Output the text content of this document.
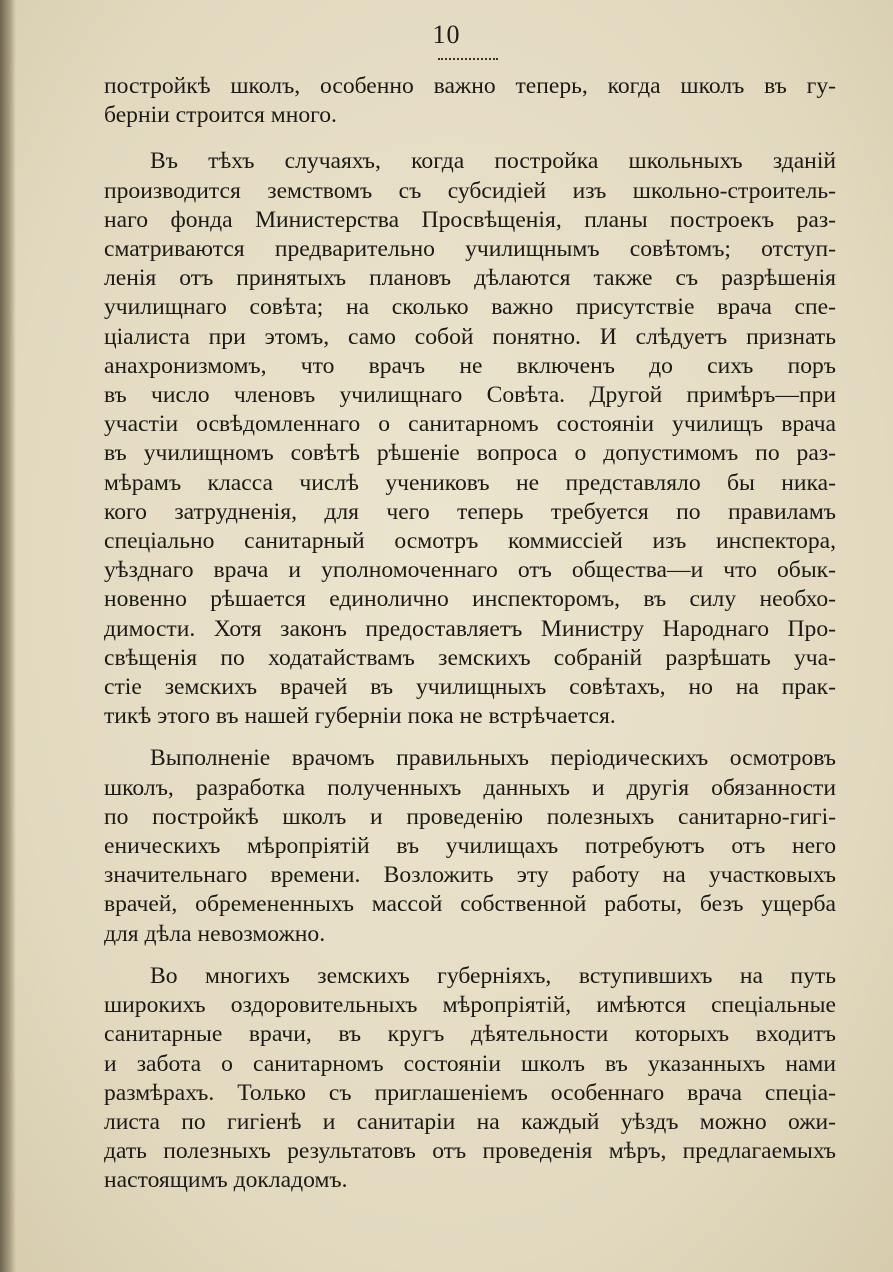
10
постройкѣ школъ, особенно важно теперь, когда школъ въ гу-
берніи строится много.
Въ тѣхъ случаяхъ, когда постройка школьныхъ зданій
производится земствомъ съ субсидіей изъ школьно-строитель-
наго фонда Министерства Просвѣщенія, планы построекъ раз-
сматриваются предварительно училищнымъ совѣтомъ; отступ-
ленія отъ принятыхъ плановъ дѣлаются также съ разрѣшенія
училищнаго совѣта; на сколько важно присутствіе врача спе-
ціалиста при этомъ, само собой понятно. И слѣдуетъ признать
анахронизмомъ, что врачъ не включенъ до сихъ поръ
въ число членовъ училищнаго Совѣта. Другой примѣръ—при
участіи освѣдомленнаго о санитарномъ состояніи училищъ врача
въ училищномъ совѣтѣ рѣшеніе вопроса о допустимомъ по раз-
мѣрамъ класса числѣ учениковъ не представляло бы ника-
кого затрудненія, для чего теперь требуется по правиламъ
спеціально санитарный осмотръ коммиссіей изъ инспектора,
уѣзднаго врача и уполномоченнаго отъ общества—и что обык-
новенно рѣшается единолично инспекторомъ, въ силу необхо-
димости. Хотя законъ предоставляетъ Министру Народнаго Про-
свѣщенія по ходатайствамъ земскихъ собраній разрѣшать уча-
стіе земскихъ врачей въ училищныхъ совѣтахъ, но на прак-
тикѣ этого въ нашей губерніи пока не встрѣчается.
Выполненіе врачомъ правильныхъ періодическихъ осмотровъ
школъ, разработка полученныхъ данныхъ и другія обязанности
по постройкѣ школъ и проведенію полезныхъ санитарно-гигі-
еническихъ мѣропріятій въ училищахъ потребуютъ отъ него
значительнаго времени. Возложить эту работу на участковыхъ
врачей, обремененныхъ массой собственной работы, безъ ущерба
для дѣла невозможно.
Во многихъ земскихъ губерніяхъ, вступившихъ на путь
широкихъ оздоровительныхъ мѣропріятій, имѣются спеціальные
санитарные врачи, въ кругъ дѣятельности которыхъ входитъ
и забота о санитарномъ состояніи школъ въ указанныхъ нами
размѣрахъ. Только съ приглашеніемъ особеннаго врача спеціа-
листа по гигіенѣ и санитаріи на каждый уѣздъ можно ожи-
дать полезныхъ результатовъ отъ проведенія мѣръ, предлагаемыхъ
настоящимъ докладомъ.
